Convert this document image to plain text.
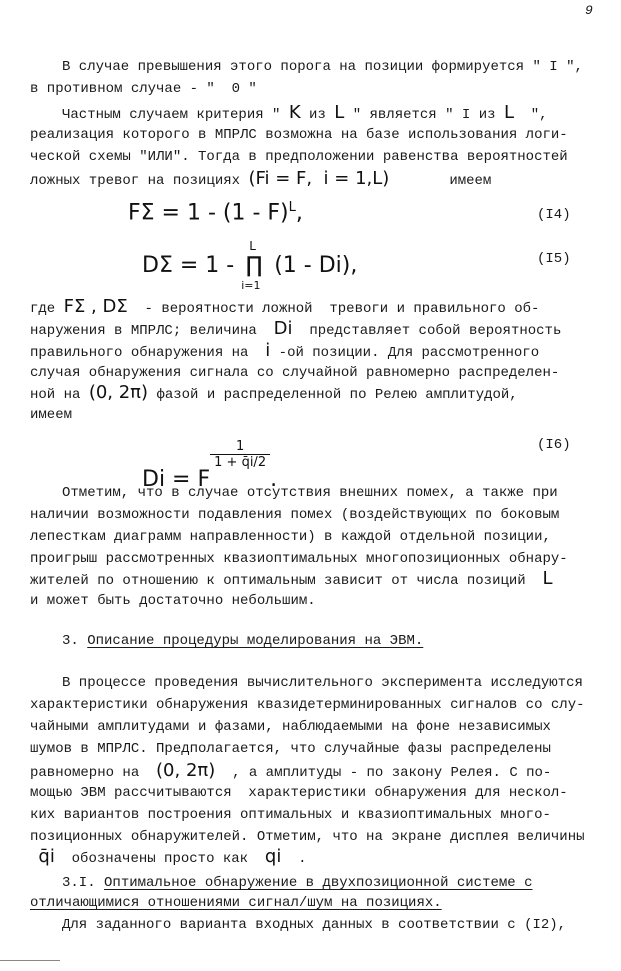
9
В случае превышения этого порога на позиции формируется " I ",
в противном случае - "  0 "
Частным случаем критерия " K из L " является " I из L  ",
реализация которого в МПРЛС возможна на базе использования логи-
ческой схемы "ИЛИ". Тогда в предположении равенства вероятностей
ложных тревог на позициях (Fi = F,  i = 1,L)	имеем
FΣ = 1 - (1 - F)$^L$,	(I4)

DΣ = 1 -
L
∏
i=1
(1 - Di),	(I5)
где FΣ , DΣ  - вероятности ложной  тревоги и правильного об-
наружения в МПРЛС; величина  Di  представляет собой вероятность
правильного обнаружения на  i -ой позиции. Для рассмотренного
случая обнаружения сигнала со случайной равномерно распределен-
ной на (0, 2π) фазой и распределенной по Релею амплитудой,
имеем

Di = F
$^{\frac{1}{1 + q̄i/2}}$
.

(I6)
Отметим, что в случае отсутствия внешних помех, а также при
наличии возможности подавления помех (воздействующих по боковым
лепесткам диаграмм направленности) в каждой отдельной позиции,
проигрыш рассмотренных квазиоптимальных многопозиционных обнару-
жителей по отношению к оптимальным зависит от числа позиций  L
и может быть достаточно небольшим.
3. Описание процедуры моделирования на ЭВМ.
В процессе проведения вычислительного эксперимента исследуются
характеристики обнаружения квазидетерминированных сигналов со слу-
чайными амплитудами и фазами, наблюдаемыми на фоне независимых
шумов в МПРЛС. Предполагается, что случайные фазы распределены
равномерно на  (0, 2π)  , а амплитуды - по закону Релея. С по-
мощью ЭВМ рассчитываются  характеристики обнаружения для нескол-
ких вариантов построения оптимальных и квазиоптимальных много-
позиционных обнаружителей. Отметим, что на экране дисплея величины
q̄i  обозначены просто как  qi  .
3.I. Оптимальное обнаружение в двухпозиционной системе с
отличающимися отношениями сигнал/шум на позициях.
Для заданного варианта входных данных в соответствии с (I2),
